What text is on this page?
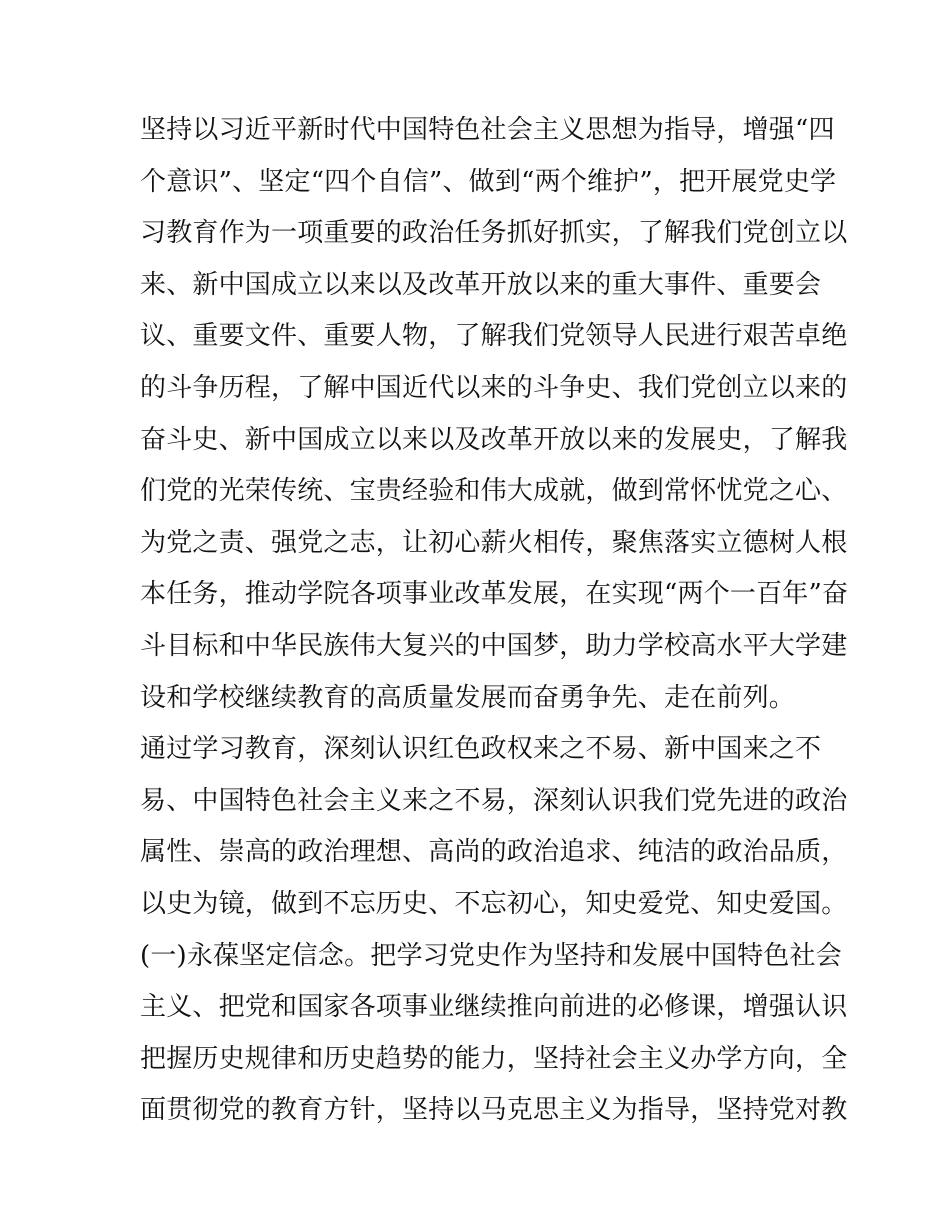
坚持以习近平新时代中国特色社会主义思想为指导，增强“四
个意识”、坚定“四个自信”、做到“两个维护”，把开展党史学
习教育作为一项重要的政治任务抓好抓实，了解我们党创立以
来、新中国成立以来以及改革开放以来的重大事件、重要会
议、重要文件、重要人物，了解我们党领导人民进行艰苦卓绝
的斗争历程，了解中国近代以来的斗争史、我们党创立以来的
奋斗史、新中国成立以来以及改革开放以来的发展史，了解我
们党的光荣传统、宝贵经验和伟大成就，做到常怀忧党之心、
为党之责、强党之志，让初心薪火相传，聚焦落实立德树人根
本任务，推动学院各项事业改革发展，在实现“两个一百年”奋
斗目标和中华民族伟大复兴的中国梦，助力学校高水平大学建
设和学校继续教育的高质量发展而奋勇争先、走在前列。
通过学习教育，深刻认识红色政权来之不易、新中国来之不
易、中国特色社会主义来之不易，深刻认识我们党先进的政治
属性、崇高的政治理想、高尚的政治追求、纯洁的政治品质，
以史为镜，做到不忘历史、不忘初心，知史爱党、知史爱国。
(一)永葆坚定信念。把学习党史作为坚持和发展中国特色社会
主义、把党和国家各项事业继续推向前进的必修课，增强认识
把握历史规律和历史趋势的能力，坚持社会主义办学方向，全
面贯彻党的教育方针，坚持以马克思主义为指导，坚持党对教
